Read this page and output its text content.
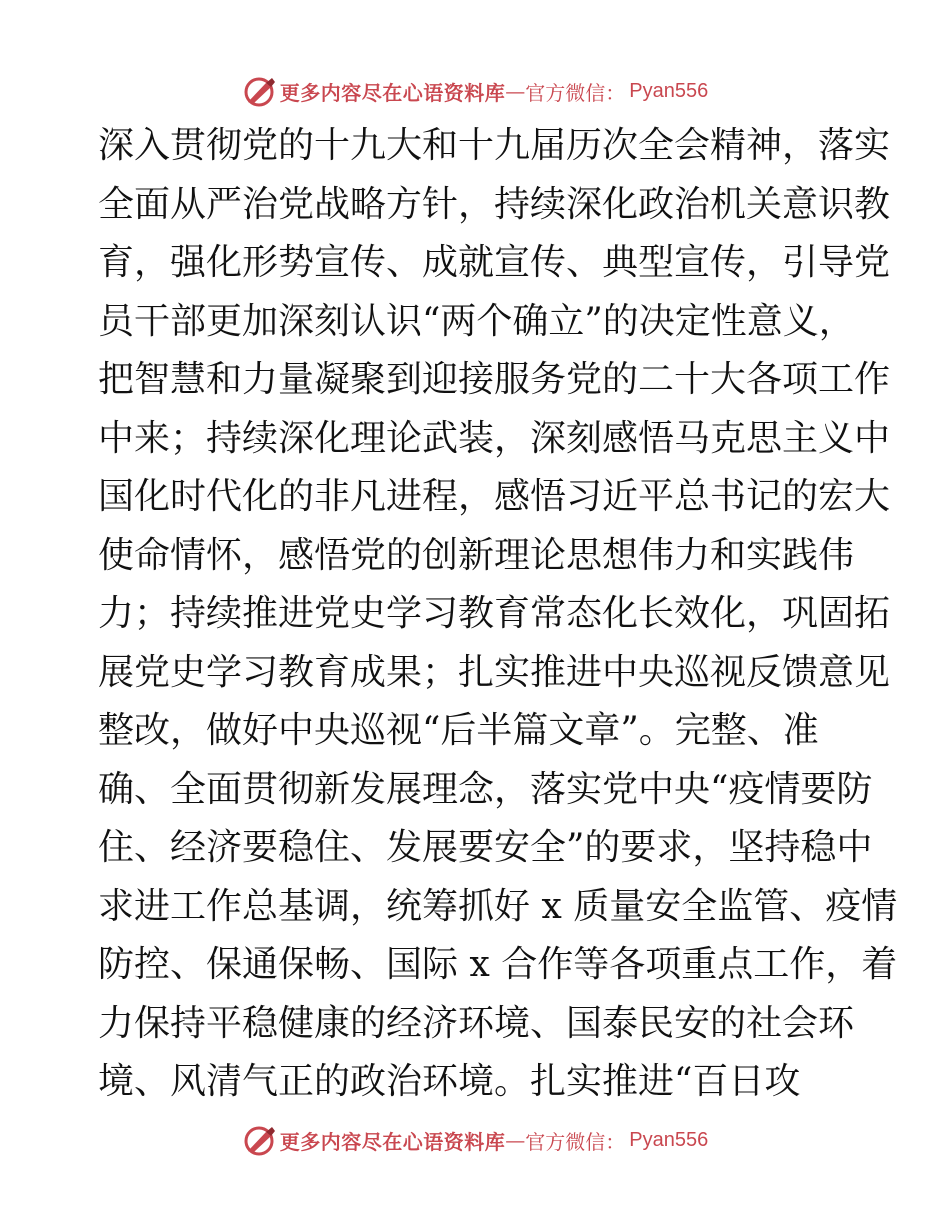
更多内容尽在心语资料库 — 官方微信： Pyan556
深入贯彻党的十九大和十九届历次全会精神，落实
全面从严治党战略方针，持续深化政治机关意识教
育，强化形势宣传、成就宣传、典型宣传，引导党
员干部更加深刻认识“两个确立”的决定性意义，
把智慧和力量凝聚到迎接服务党的二十大各项工作
中来；持续深化理论武装，深刻感悟马克思主义中
国化时代化的非凡进程，感悟习近平总书记的宏大
使命情怀，感悟党的创新理论思想伟力和实践伟
力；持续推进党史学习教育常态化长效化，巩固拓
展党史学习教育成果；扎实推进中央巡视反馈意见
整改，做好中央巡视“后半篇文章”。完整、准
确、全面贯彻新发展理念，落实党中央“疫情要防
住、经济要稳住、发展要安全”的要求，坚持稳中
求进工作总基调，统筹抓好 x 质量安全监管、疫情
防控、保通保畅、国际 x 合作等各项重点工作，着
力保持平稳健康的经济环境、国泰民安的社会环
境、风清气正的政治环境。扎实推进“百日攻
更多内容尽在心语资料库 — 官方微信： Pyan556
